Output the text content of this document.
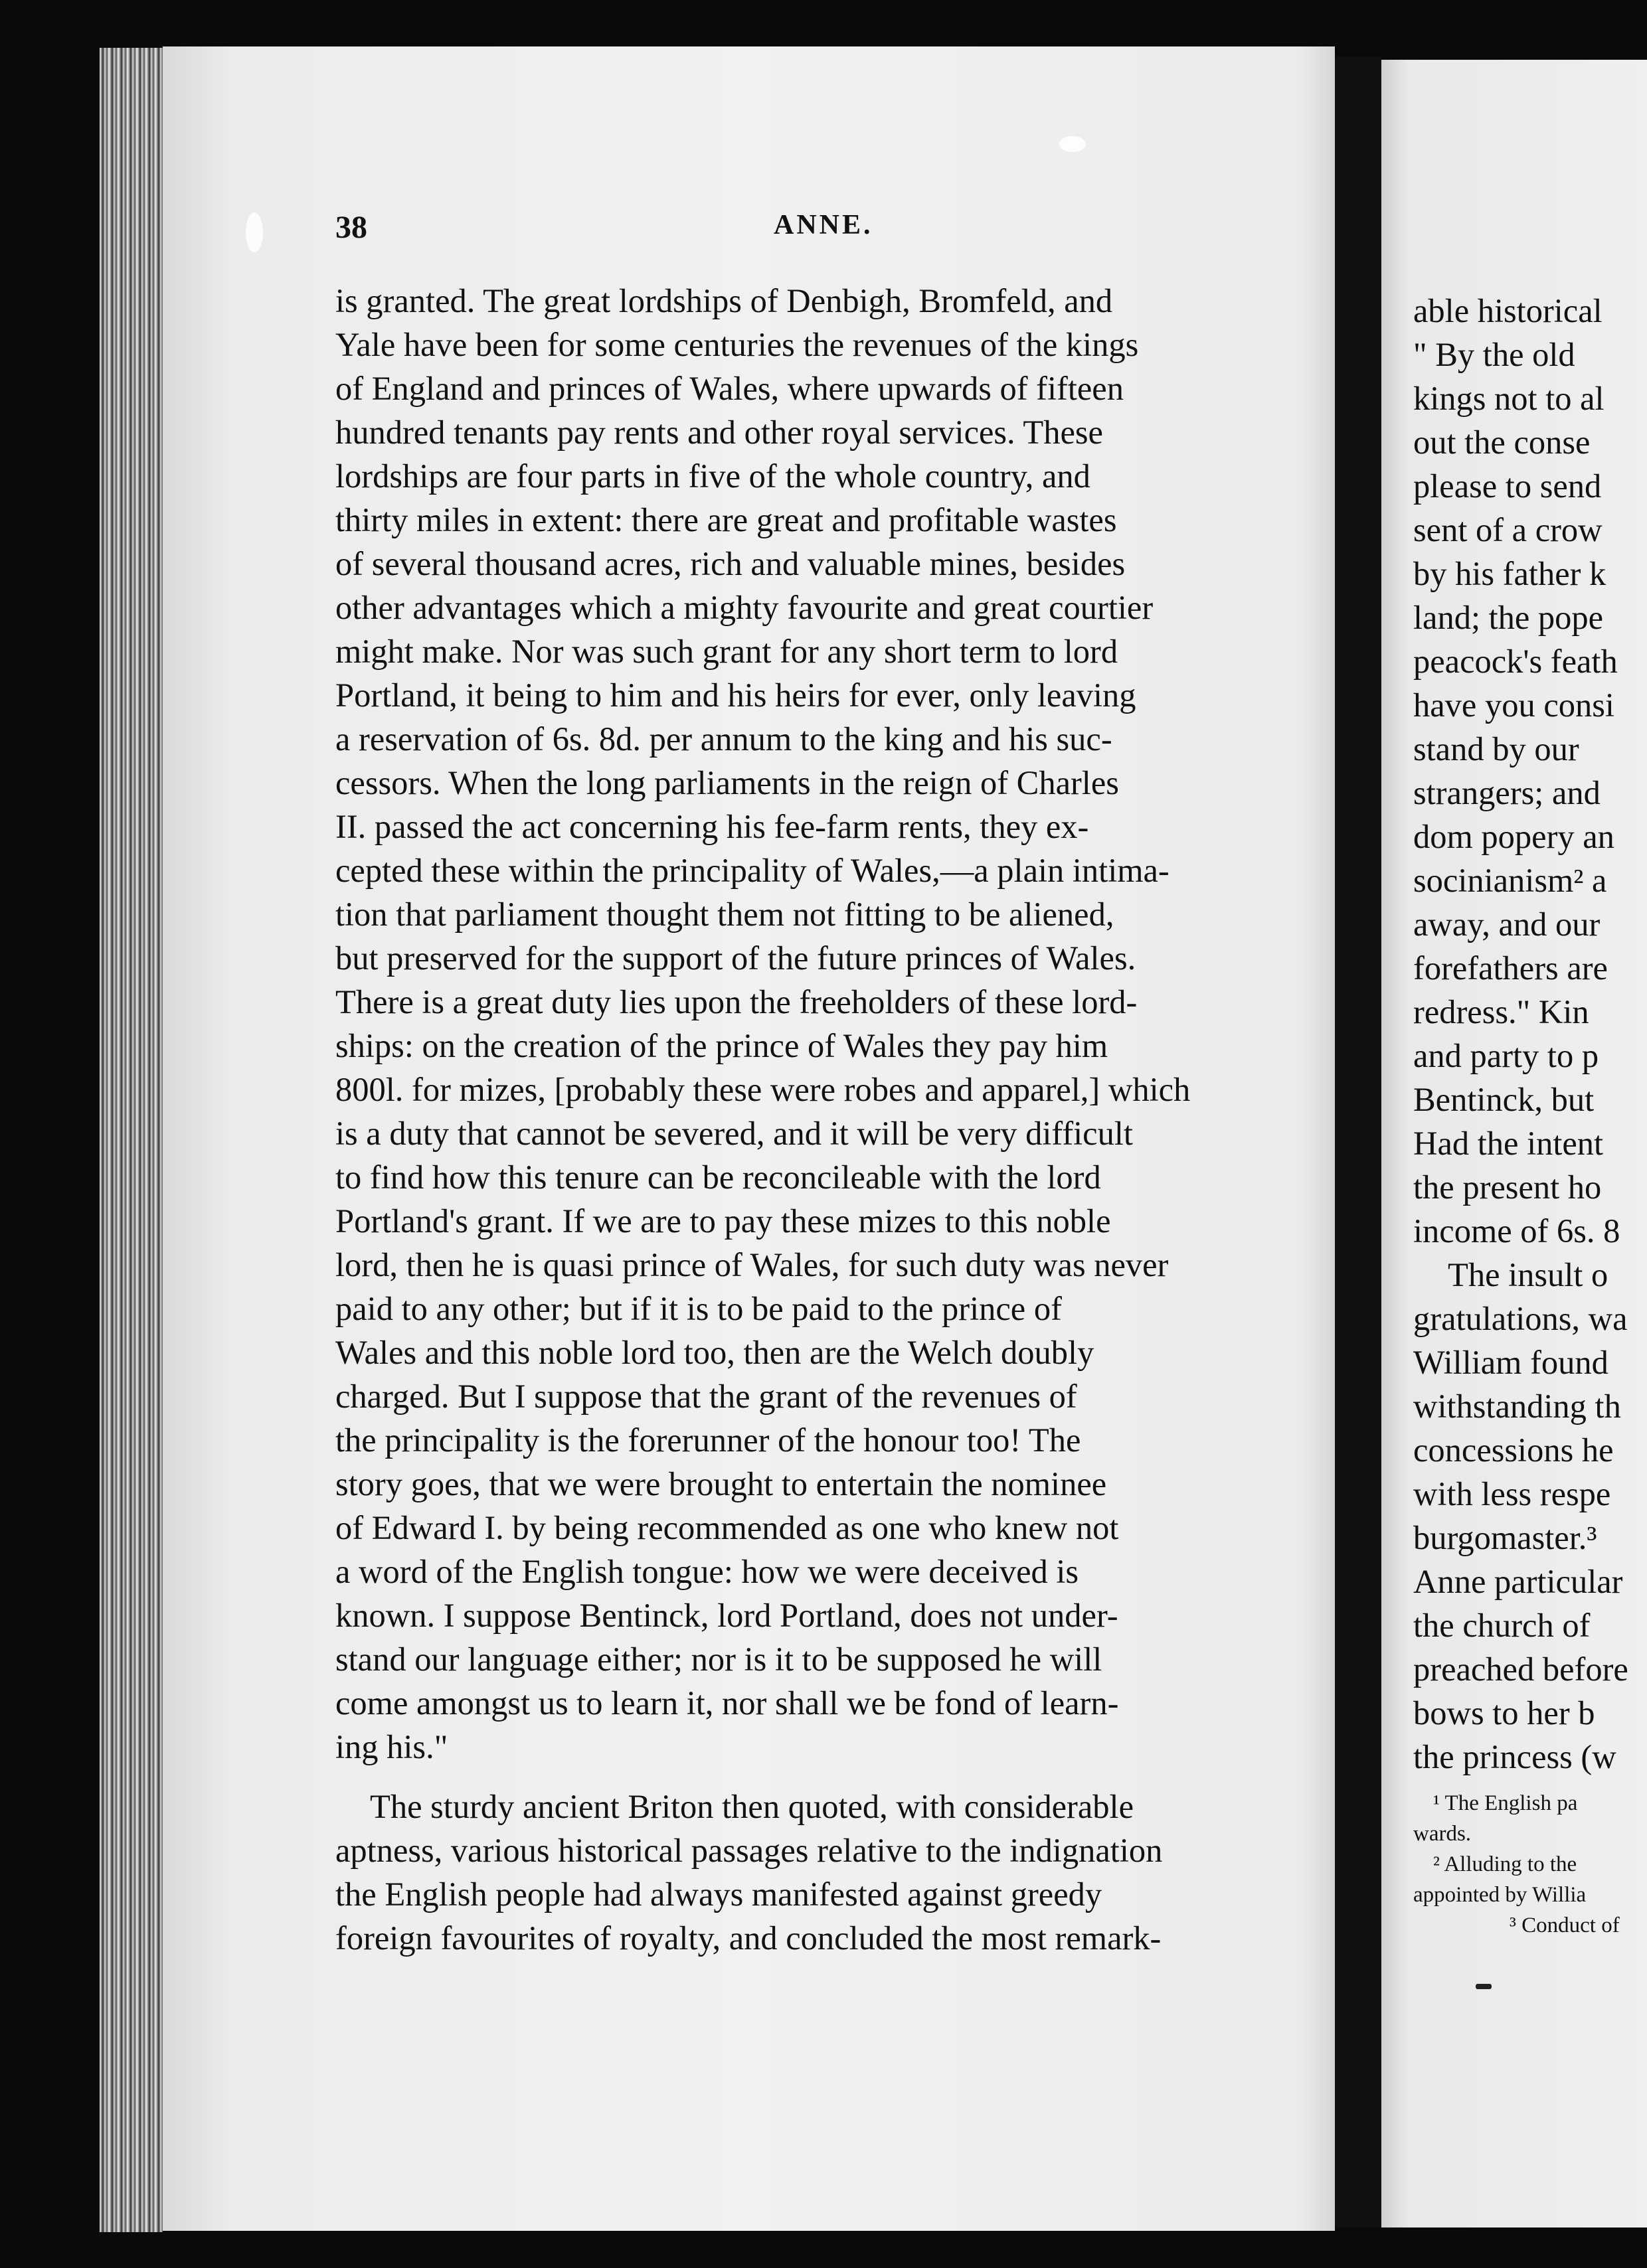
38	ANNE.
is granted. The great lordships of Denbigh, Bromfeld, and
Yale have been for some centuries the revenues of the kings
of England and princes of Wales, where upwards of fifteen
hundred tenants pay rents and other royal services. These
lordships are four parts in five of the whole country, and
thirty miles in extent: there are great and profitable wastes
of several thousand acres, rich and valuable mines, besides
other advantages which a mighty favourite and great courtier
might make. Nor was such grant for any short term to lord
Portland, it being to him and his heirs for ever, only leaving
a reservation of 6s. 8d. per annum to the king and his suc-
cessors. When the long parliaments in the reign of Charles
II. passed the act concerning his fee-farm rents, they ex-
cepted these within the principality of Wales,—a plain intima-
tion that parliament thought them not fitting to be aliened,
but preserved for the support of the future princes of Wales.
There is a great duty lies upon the freeholders of these lord-
ships: on the creation of the prince of Wales they pay him
800l. for mizes, [probably these were robes and apparel,] which
is a duty that cannot be severed, and it will be very difficult
to find how this tenure can be reconcileable with the lord
Portland's grant. If we are to pay these mizes to this noble
lord, then he is quasi prince of Wales, for such duty was never
paid to any other; but if it is to be paid to the prince of
Wales and this noble lord too, then are the Welch doubly
charged. But I suppose that the grant of the revenues of
the principality is the forerunner of the honour too! The
story goes, that we were brought to entertain the nominee
of Edward I. by being recommended as one who knew not
a word of the English tongue: how we were deceived is
known. I suppose Bentinck, lord Portland, does not under-
stand our language either; nor is it to be supposed he will
come amongst us to learn it, nor shall we be fond of learn-
ing his."
The sturdy ancient Briton then quoted, with considerable
aptness, various historical passages relative to the indignation
the English people had always manifested against greedy
foreign favourites of royalty, and concluded the most remark-
able historical
" By the old
kings not to al
out the conse
please to send
sent of a crow
by his father k
land; the pope
peacock's feath
have you consi
stand by our
strangers; and
dom popery an
socinianism² a
away, and our
forefathers are
redress." Kin
and party to p
Bentinck, but
Had the intent
the present ho
income of 6s. 8
The insult o
gratulations, wa
William found
withstanding th
concessions he
with less respe
burgomaster.³
Anne particular
the church of
preached before
bows to her b
the princess (w
¹ The English pa
wards.
² Alluding to the
appointed by Willia
³ Conduct of
